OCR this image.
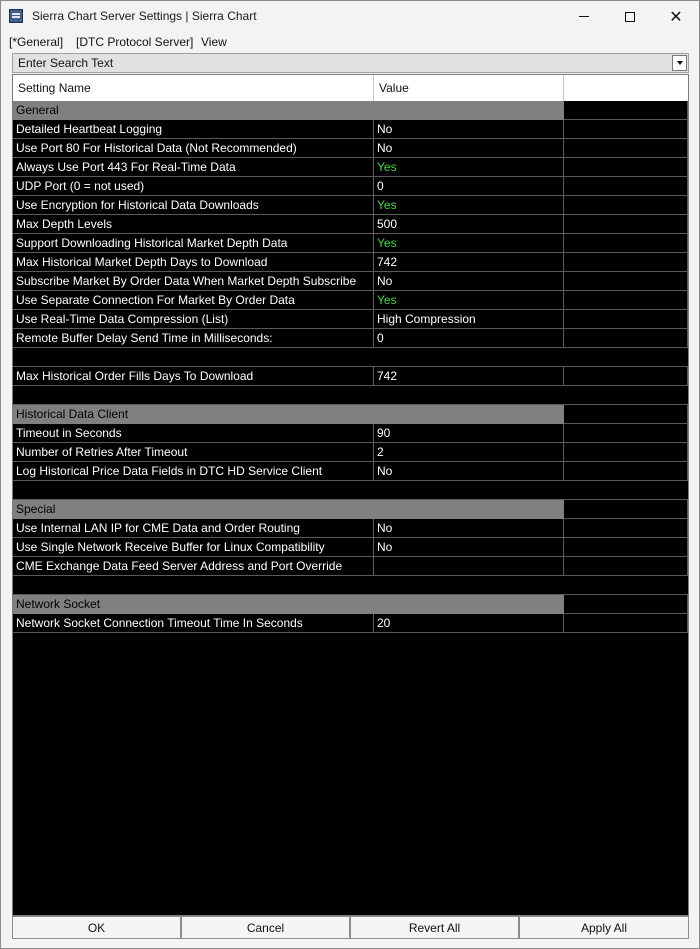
Sierra Chart Server Settings | Sierra Chart	✕
[*General] [DTC Protocol Server] View
Enter Search Text
Setting Name	Value
General
Detailed Heartbeat Logging	No
Use Port 80 For Historical Data (Not Recommended)	No
Always Use Port 443 For Real-Time Data	Yes
UDP Port (0 = not used)	0
Use Encryption for Historical Data Downloads	Yes
Max Depth Levels	500
Support Downloading Historical Market Depth Data	Yes
Max Historical Market Depth Days to Download	742
Subscribe Market By Order Data When Market Depth Subscribe	No
Use Separate Connection For Market By Order Data	Yes
Use Real-Time Data Compression (List)	High Compression
Remote Buffer Delay Send Time in Milliseconds:	0
Max Historical Order Fills Days To Download	742
Historical Data Client
Timeout in Seconds	90
Number of Retries After Timeout	2
Log Historical Price Data Fields in DTC HD Service Client	No
Special
Use Internal LAN IP for CME Data and Order Routing	No
Use Single Network Receive Buffer for Linux Compatibility	No
CME Exchange Data Feed Server Address and Port Override
Network Socket
Network Socket Connection Timeout Time In Seconds	20
OK	Cancel	Revert All	Apply All
